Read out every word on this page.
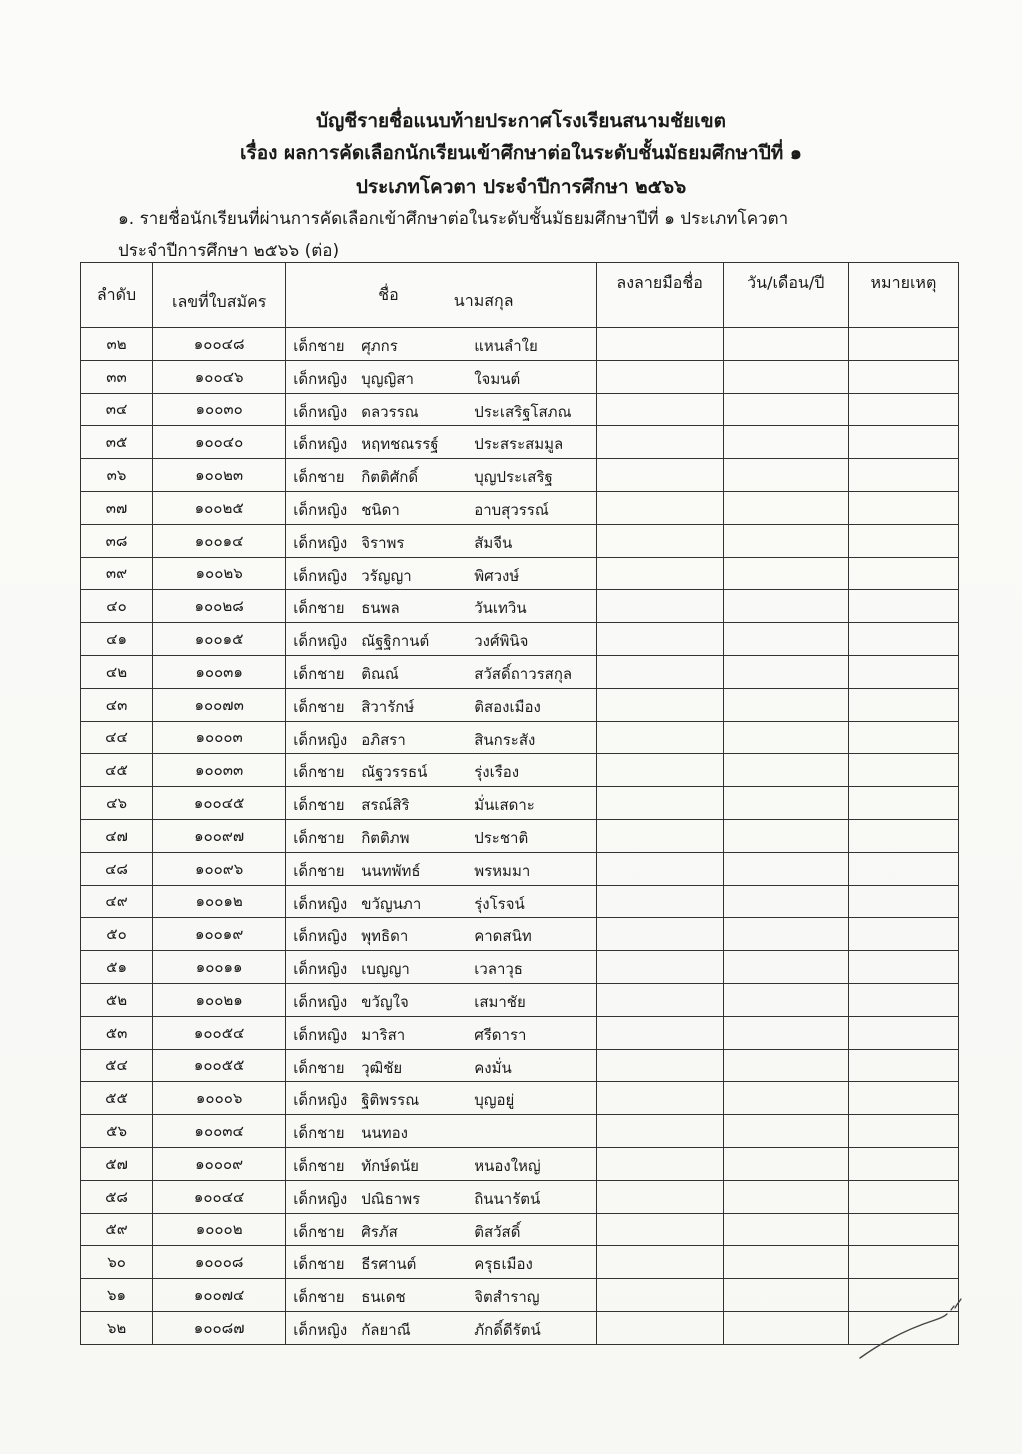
บัญชีรายชื่อแนบท้ายประกาศโรงเรียนสนามชัยเขต
เรื่อง ผลการคัดเลือกนักเรียนเข้าศึกษาต่อในระดับชั้นมัธยมศึกษาปีที่ ๑
ประเภทโควตา ประจำปีการศึกษา ๒๕๖๖
๑. รายชื่อนักเรียนที่ผ่านการคัดเลือกเข้าศึกษาต่อในระดับชั้นมัธยมศึกษาปีที่ ๑ ประเภทโควตา
ประจำปีการศึกษา ๒๕๖๖ (ต่อ)
ลำดับ	เลขที่ใบสมัคร	ชื่อ นามสกุล	ลงลายมือชื่อ	วัน/เดือน/ปี	หมายเหตุ
๓๒	๑๐๐๔๘	เด็กชาย ศุภกร แหนลำใย			

๓๓	๑๐๐๔๖	เด็กหญิง บุญญิสา ใจมนต์			

๓๔	๑๐๐๓๐	เด็กหญิง ดลวรรณ ประเสริฐโสภณ			

๓๕	๑๐๐๔๐	เด็กหญิง หฤทชณรรฐ์ ประสระสมมูล			

๓๖	๑๐๐๒๓	เด็กชาย กิตติศักดิ์ บุญประเสริฐ			

๓๗	๑๐๐๒๕	เด็กหญิง ชนิดา อาบสุวรรณ์			

๓๘	๑๐๐๑๔	เด็กหญิง จิราพร สัมจีน			

๓๙	๑๐๐๒๖	เด็กหญิง วรัญญา พิศวงษ์			

๔๐	๑๐๐๒๘	เด็กชาย ธนพล วันเทวิน			

๔๑	๑๐๐๑๕	เด็กหญิง ณัฐฐิกานต์ วงศ์พินิจ			

๔๒	๑๐๐๓๑	เด็กชาย ติณณ์ สวัสดิ์ถาวรสกุล			

๔๓	๑๐๐๗๓	เด็กชาย สิวารักษ์ ติสองเมือง			

๔๔	๑๐๐๐๓	เด็กหญิง อภิสรา สินกระสัง			

๔๕	๑๐๐๓๓	เด็กชาย ณัฐวรรธน์ รุ่งเรือง			

๔๖	๑๐๐๔๕	เด็กชาย สรณ์สิริ มั่นเสดาะ			

๔๗	๑๐๐๙๗	เด็กชาย กิตติภพ ประชาติ			

๔๘	๑๐๐๙๖	เด็กชาย นนทพัทธ์ พรหมมา			

๔๙	๑๐๐๑๒	เด็กหญิง ขวัญนภา รุ่งโรจน์			

๕๐	๑๐๐๑๙	เด็กหญิง พุทธิดา คาดสนิท			

๕๑	๑๐๐๑๑	เด็กหญิง เบญญา เวลาวุธ			

๕๒	๑๐๐๒๑	เด็กหญิง ขวัญใจ เสมาชัย			

๕๓	๑๐๐๕๔	เด็กหญิง มาริสา ศรีดารา			

๕๔	๑๐๐๕๕	เด็กชาย วุฒิชัย คงมั่น			

๕๕	๑๐๐๐๖	เด็กหญิง ฐิติพรรณ บุญอยู่			

๕๖	๑๐๐๓๔	เด็กชาย นนทอง			

๕๗	๑๐๐๐๙	เด็กชาย ทักษ์ดนัย หนองใหญ่			

๕๘	๑๐๐๔๔	เด็กหญิง ปณิธาพร ถินนารัตน์			

๕๙	๑๐๐๐๒	เด็กชาย ศิรภัส ติสวัสดิ์			

๖๐	๑๐๐๐๘	เด็กชาย ธีรศานต์ ครุธเมือง			

๖๑	๑๐๐๗๔	เด็กชาย ธนเดช จิตสำราญ			

๖๒	๑๐๐๘๗	เด็กหญิง กัลยาณี ภักดิ์ดีรัตน์			
